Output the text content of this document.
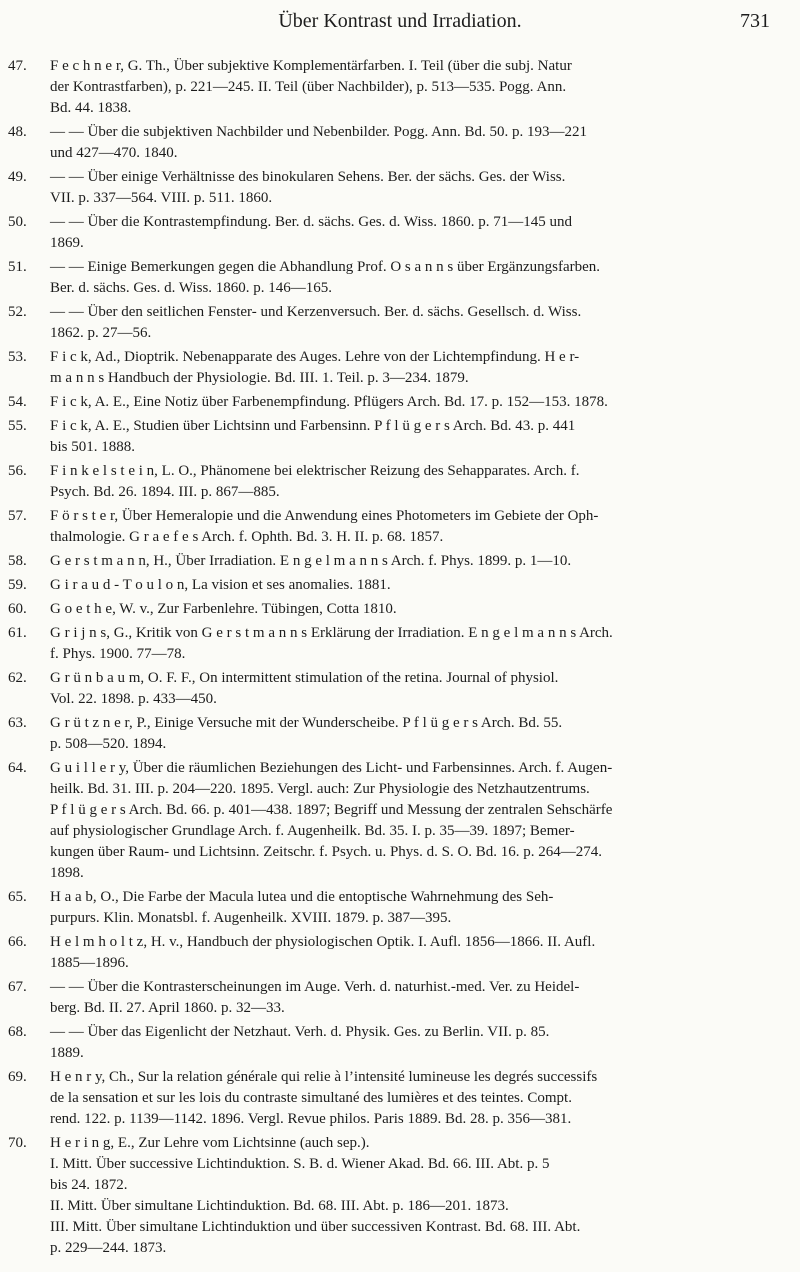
Über Kontrast und Irradiation.	731
47. F e c h n e r, G. Th., Über subjektive Komplementärfarben. I. Teil (über die subj. Natur
der Kontrastfarben), p. 221—245. II. Teil (über Nachbilder), p. 513—535. Pogg. Ann.
Bd. 44. 1838.
48. — — Über die subjektiven Nachbilder und Nebenbilder. Pogg. Ann. Bd. 50. p. 193—221
und 427—470. 1840.
49. — — Über einige Verhältnisse des binokularen Sehens. Ber. der sächs. Ges. der Wiss.
VII. p. 337—564. VIII. p. 511. 1860.
50. — — Über die Kontrastempfindung. Ber. d. sächs. Ges. d. Wiss. 1860. p. 71—145 und
1869.
51. — — Einige Bemerkungen gegen die Abhandlung Prof. O s a n n s über Ergänzungsfarben.
Ber. d. sächs. Ges. d. Wiss. 1860. p. 146—165.
52. — — Über den seitlichen Fenster- und Kerzenversuch. Ber. d. sächs. Gesellsch. d. Wiss.
1862. p. 27—56.
53. F i c k, Ad., Dioptrik. Nebenapparate des Auges. Lehre von der Lichtempfindung. H e r-
m a n n s Handbuch der Physiologie. Bd. III. 1. Teil. p. 3—234. 1879.
54. F i c k, A. E., Eine Notiz über Farbenempfindung. Pflügers Arch. Bd. 17. p. 152—153. 1878.
55. F i c k, A. E., Studien über Lichtsinn und Farbensinn. P f l ü g e r s Arch. Bd. 43. p. 441
bis 501. 1888.
56. F i n k e l s t e i n, L. O., Phänomene bei elektrischer Reizung des Sehapparates. Arch. f.
Psych. Bd. 26. 1894. III. p. 867—885.
57. F ö r s t e r, Über Hemeralopie und die Anwendung eines Photometers im Gebiete der Oph-
thalmologie. G r a e f e s Arch. f. Ophth. Bd. 3. H. II. p. 68. 1857.
58. G e r s t m a n n, H., Über Irradiation. E n g e l m a n n s Arch. f. Phys. 1899. p. 1—10.
59. G i r a u d - T o u l o n, La vision et ses anomalies. 1881.
60. G o e t h e, W. v., Zur Farbenlehre. Tübingen, Cotta 1810.
61. G r i j n s, G., Kritik von G e r s t m a n n s Erklärung der Irradiation. E n g e l m a n n s Arch.
f. Phys. 1900. 77—78.
62. G r ü n b a u m, O. F. F., On intermittent stimulation of the retina. Journal of physiol.
Vol. 22. 1898. p. 433—450.
63. G r ü t z n e r, P., Einige Versuche mit der Wunderscheibe. P f l ü g e r s Arch. Bd. 55.
p. 508—520. 1894.
64. G u i l l e r y, Über die räumlichen Beziehungen des Licht- und Farbensinnes. Arch. f. Augen-
heilk. Bd. 31. III. p. 204—220. 1895. Vergl. auch: Zur Physiologie des Netzhautzentrums.
P f l ü g e r s Arch. Bd. 66. p. 401—438. 1897; Begriff und Messung der zentralen Sehschärfe
auf physiologischer Grundlage Arch. f. Augenheilk. Bd. 35. I. p. 35—39. 1897; Bemer-
kungen über Raum- und Lichtsinn. Zeitschr. f. Psych. u. Phys. d. S. O. Bd. 16. p. 264—274.
1898.
65. H a a b, O., Die Farbe der Macula lutea und die entoptische Wahrnehmung des Seh-
purpurs. Klin. Monatsbl. f. Augenheilk. XVIII. 1879. p. 387—395.
66. H e l m h o l t z, H. v., Handbuch der physiologischen Optik. I. Aufl. 1856—1866. II. Aufl.
1885—1896.
67. — — Über die Kontrasterscheinungen im Auge. Verh. d. naturhist.-med. Ver. zu Heidel-
berg. Bd. II. 27. April 1860. p. 32—33.
68. — — Über das Eigenlicht der Netzhaut. Verh. d. Physik. Ges. zu Berlin. VII. p. 85.
1889.
69. H e n r y, Ch., Sur la relation générale qui relie à l’intensité lumineuse les degrés successifs
de la sensation et sur les lois du contraste simultané des lumières et des teintes. Compt.
rend. 122. p. 1139—1142. 1896. Vergl. Revue philos. Paris 1889. Bd. 28. p. 356—381.
70. H e r i n g, E., Zur Lehre vom Lichtsinne (auch sep.).
I. Mitt. Über successive Lichtinduktion. S. B. d. Wiener Akad. Bd. 66. III. Abt. p. 5
bis 24. 1872.
II. Mitt. Über simultane Lichtinduktion. Bd. 68. III. Abt. p. 186—201. 1873.
III. Mitt. Über simultane Lichtinduktion und über successiven Kontrast. Bd. 68. III. Abt.
p. 229—244. 1873.
